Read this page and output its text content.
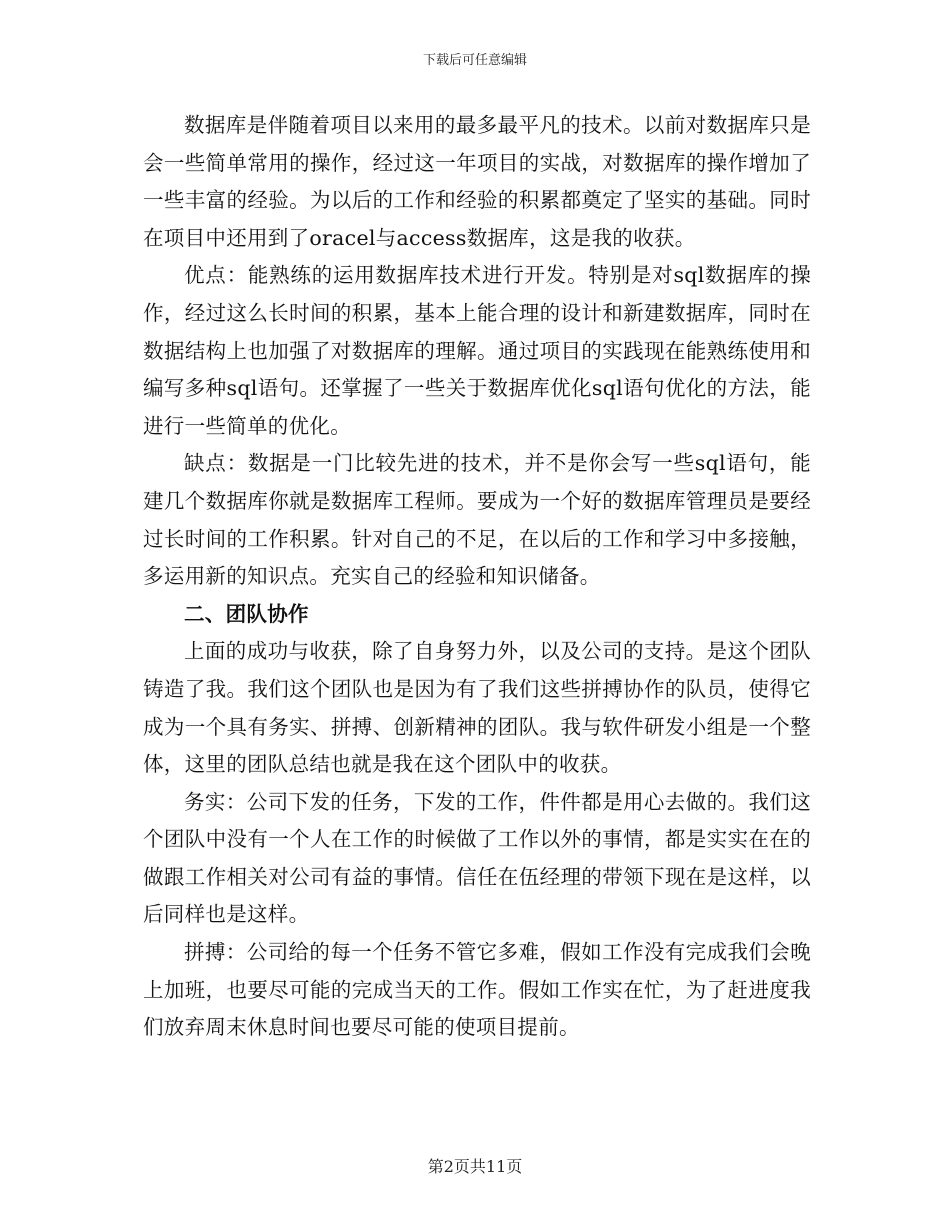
下载后可任意编辑

数据库是伴随着项目以来用的最多最平凡的技术。以前对数据库只是会一些简单常用的操作，经过这一年项目的实战，对数据库的操作增加了一些丰富的经验。为以后的工作和经验的积累都奠定了坚实的基础。同时在项目中还用到了oracel与access数据库，这是我的收获。

优点：能熟练的运用数据库技术进行开发。特别是对sql数据库的操作，经过这么长时间的积累，基本上能合理的设计和新建数据库，同时在数据结构上也加强了对数据库的理解。通过项目的实践现在能熟练使用和编写多种sql语句。还掌握了一些关于数据库优化sql语句优化的方法，能进行一些简单的优化。

缺点：数据是一门比较先进的技术，并不是你会写一些sql语句，能建几个数据库你就是数据库工程师。要成为一个好的数据库管理员是要经过长时间的工作积累。针对自己的不足，在以后的工作和学习中多接触，多运用新的知识点。充实自己的经验和知识储备。

二、团队协作

上面的成功与收获，除了自身努力外，以及公司的支持。是这个团队铸造了我。我们这个团队也是因为有了我们这些拼搏协作的队员，使得它成为一个具有务实、拼搏、创新精神的团队。我与软件研发小组是一个整体，这里的团队总结也就是我在这个团队中的收获。

务实：公司下发的任务，下发的工作，件件都是用心去做的。我们这个团队中没有一个人在工作的时候做了工作以外的事情，都是实实在在的做跟工作相关对公司有益的事情。信任在伍经理的带领下现在是这样，以后同样也是这样。

拼搏：公司给的每一个任务不管它多难，假如工作没有完成我们会晚上加班，也要尽可能的完成当天的工作。假如工作实在忙，为了赶进度我们放弃周末休息时间也要尽可能的使项目提前。

第2页共11页
